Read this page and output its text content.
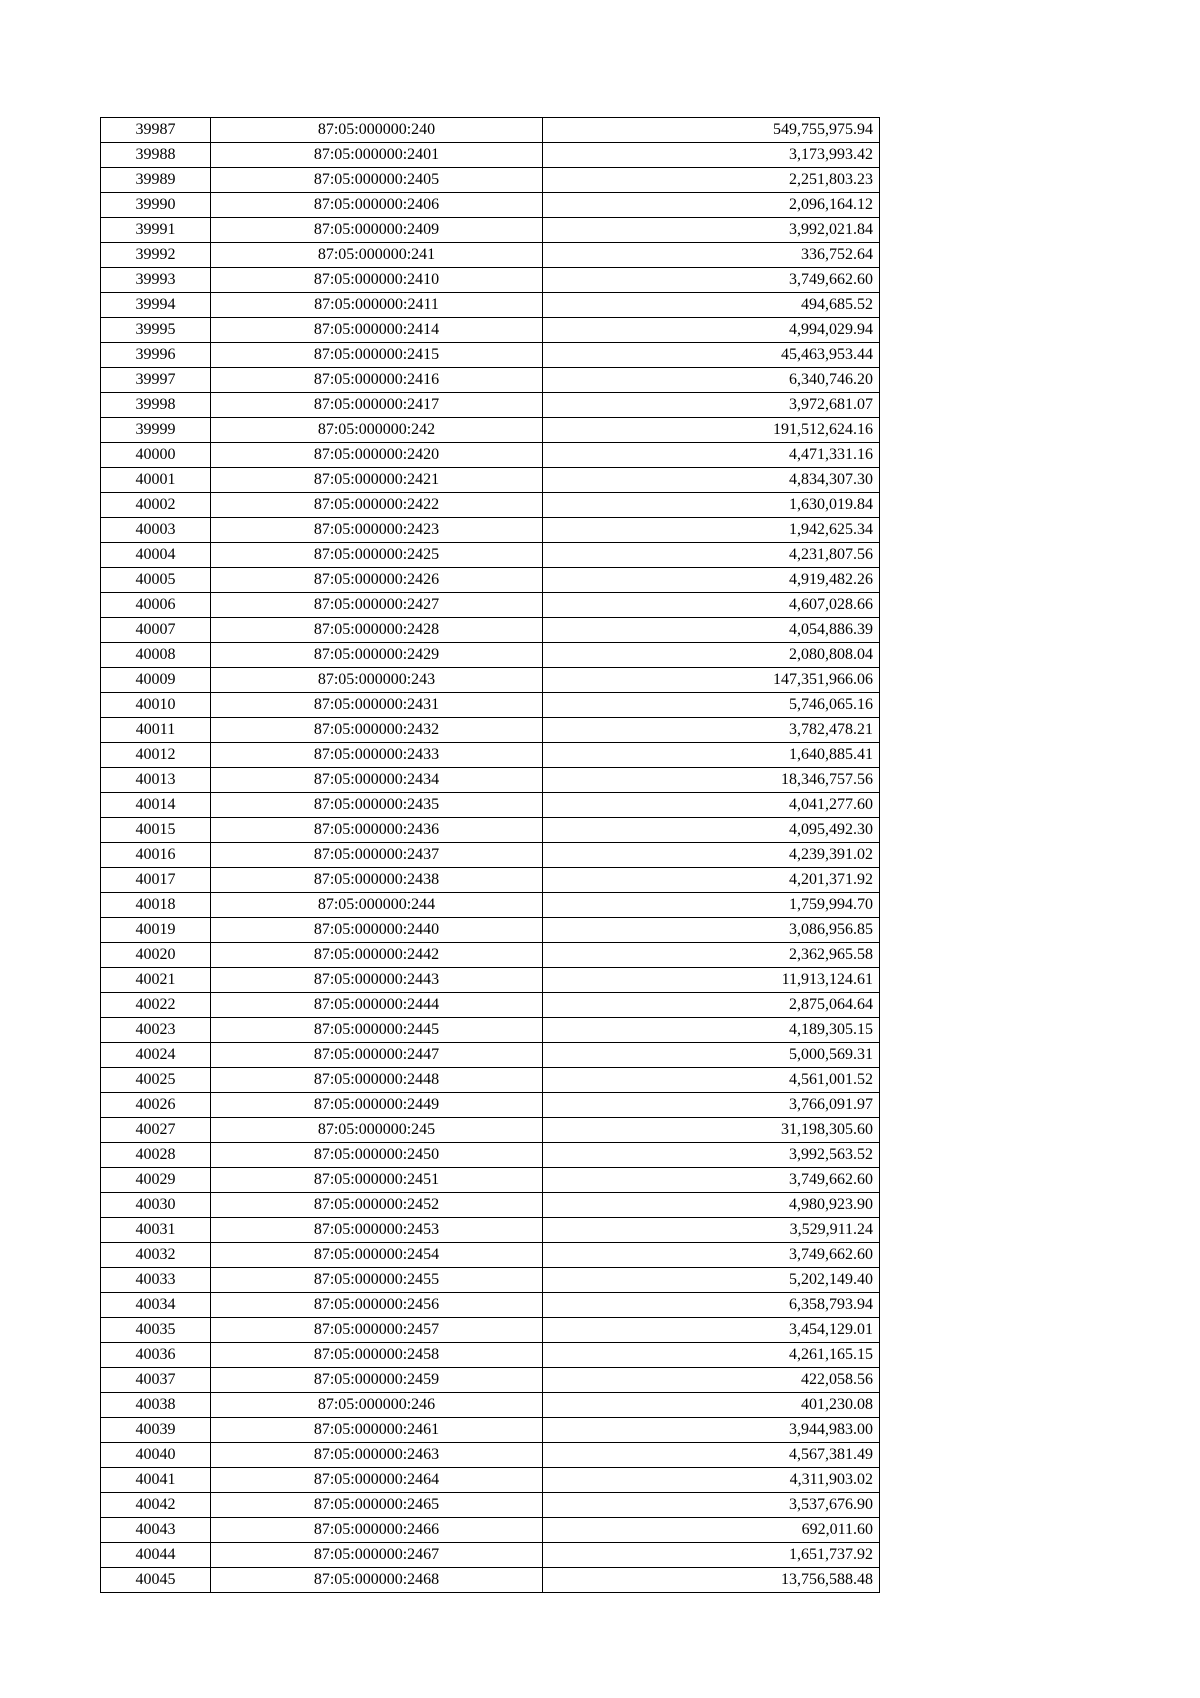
39987	87:05:000000:240	549,755,975.94
39988	87:05:000000:2401	3,173,993.42
39989	87:05:000000:2405	2,251,803.23
39990	87:05:000000:2406	2,096,164.12
39991	87:05:000000:2409	3,992,021.84
39992	87:05:000000:241	336,752.64
39993	87:05:000000:2410	3,749,662.60
39994	87:05:000000:2411	494,685.52
39995	87:05:000000:2414	4,994,029.94
39996	87:05:000000:2415	45,463,953.44
39997	87:05:000000:2416	6,340,746.20
39998	87:05:000000:2417	3,972,681.07
39999	87:05:000000:242	191,512,624.16
40000	87:05:000000:2420	4,471,331.16
40001	87:05:000000:2421	4,834,307.30
40002	87:05:000000:2422	1,630,019.84
40003	87:05:000000:2423	1,942,625.34
40004	87:05:000000:2425	4,231,807.56
40005	87:05:000000:2426	4,919,482.26
40006	87:05:000000:2427	4,607,028.66
40007	87:05:000000:2428	4,054,886.39
40008	87:05:000000:2429	2,080,808.04
40009	87:05:000000:243	147,351,966.06
40010	87:05:000000:2431	5,746,065.16
40011	87:05:000000:2432	3,782,478.21
40012	87:05:000000:2433	1,640,885.41
40013	87:05:000000:2434	18,346,757.56
40014	87:05:000000:2435	4,041,277.60
40015	87:05:000000:2436	4,095,492.30
40016	87:05:000000:2437	4,239,391.02
40017	87:05:000000:2438	4,201,371.92
40018	87:05:000000:244	1,759,994.70
40019	87:05:000000:2440	3,086,956.85
40020	87:05:000000:2442	2,362,965.58
40021	87:05:000000:2443	11,913,124.61
40022	87:05:000000:2444	2,875,064.64
40023	87:05:000000:2445	4,189,305.15
40024	87:05:000000:2447	5,000,569.31
40025	87:05:000000:2448	4,561,001.52
40026	87:05:000000:2449	3,766,091.97
40027	87:05:000000:245	31,198,305.60
40028	87:05:000000:2450	3,992,563.52
40029	87:05:000000:2451	3,749,662.60
40030	87:05:000000:2452	4,980,923.90
40031	87:05:000000:2453	3,529,911.24
40032	87:05:000000:2454	3,749,662.60
40033	87:05:000000:2455	5,202,149.40
40034	87:05:000000:2456	6,358,793.94
40035	87:05:000000:2457	3,454,129.01
40036	87:05:000000:2458	4,261,165.15
40037	87:05:000000:2459	422,058.56
40038	87:05:000000:246	401,230.08
40039	87:05:000000:2461	3,944,983.00
40040	87:05:000000:2463	4,567,381.49
40041	87:05:000000:2464	4,311,903.02
40042	87:05:000000:2465	3,537,676.90
40043	87:05:000000:2466	692,011.60
40044	87:05:000000:2467	1,651,737.92
40045	87:05:000000:2468	13,756,588.48
